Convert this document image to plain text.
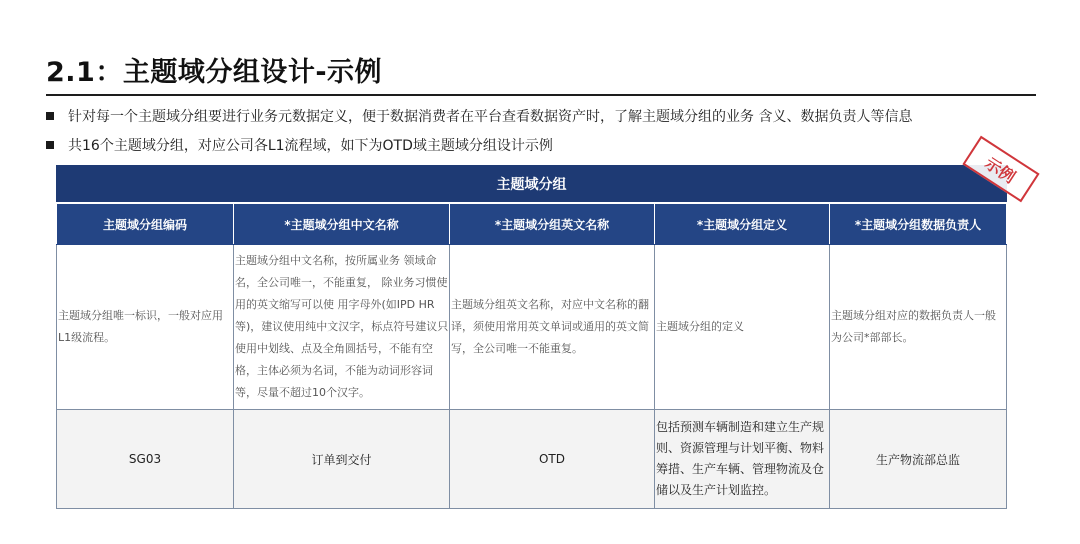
2.1：主题域分组设计-示例
针对每一个主题域分组要进行业务元数据定义，便于数据消费者在平台查看数据资产时，了解主题域分组的业务 含义、数据负责人等信息
共16个主题域分组，对应公司各L1流程域，如下为OTD域主题域分组设计示例
示例
主题域分组				
主题域分组编码	*主题域分组中文名称	*主题域分组英文名称	*主题域分组定义	*主题域分组数据负责人

主题域分组唯一标识，一般对应用L1级流程。	主题域分组中文名称，按所属业务 领域命名，全公司唯一，不能重复， 除业务习惯使用的英文缩写可以使 用字母外(如IPD HR等)，建议使用纯中文汉字，标点符号建议只使用中划线、点及全角圆括号，不能有空格，主体必须为名词，不能为动词形容词等，尽量不超过10个汉字。	主题域分组英文名称，对应中文名称的翻译，须使用常用英文单词或通用的英文简写，全公司唯一不能重复。	主题域分组的定义	主题域分组对应的数据负责人一般为公司*部部长。

SG03	订单到交付	OTD	包括预测车辆制造和建立生产规则、资源管理与计划平衡、物料筹措、生产车辆、管理物流及仓储以及生产计划监控。	生产物流部总监
